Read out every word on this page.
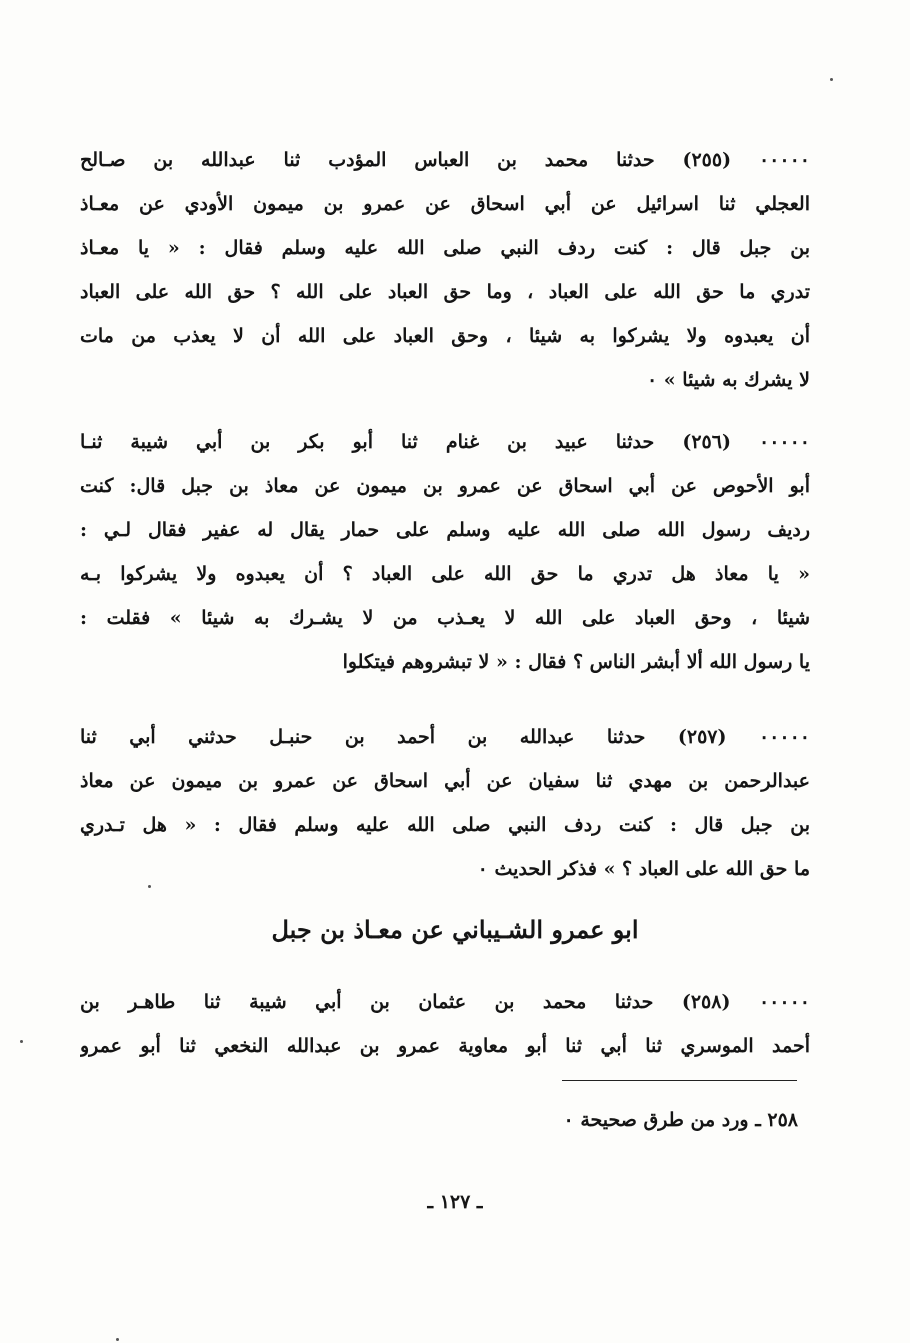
٠٠٠٠٠ (٢٥٥) حدثنا محمد بن العباس المؤدب ثنا عبدالله بن صـالح
العجلي ثنا اسرائيل عن أبي اسحاق عن عمرو بن ميمون الأودي عن معـاذ
بن جبل قال : كنت ردف النبي صلى الله عليه وسلم فقال : « يا معـاذ
تدري ما حق الله على العباد ، وما حق العباد على الله ؟ حق الله على العباد
أن يعبدوه ولا يشركوا به شيئا ، وحق العباد على الله أن لا يعذب من مات
لا يشرك به شيئا » ٠
٠٠٠٠٠ (٢٥٦) حدثنا عبيد بن غنام ثنا أبو بكر بن أبي شيبة ثنـا
أبو الأحوص عن أبي اسحاق عن عمرو بن ميمون عن معاذ بن جبل قال: كنت
رديف رسول الله صلى الله عليه وسلم على حمار يقال له عفير فقال لـي :
« يا معاذ هل تدري ما حق الله على العباد ؟ أن يعبدوه ولا يشركوا بـه
شيئا ، وحق العباد على الله لا يعـذب من لا يشـرك به شيئا » فقلت :
يا رسول الله ألا أبشر الناس ؟ فقال : « لا تبشروهم فيتكلوا
٠٠٠٠٠ (٢٥٧) حدثنا عبدالله بن أحمد بن حنبـل حدثني أبي ثنا
عبدالرحمن بن مهدي ثنا سفيان عن أبي اسحاق عن عمرو بن ميمون عن معاذ
بن جبل قال : كنت ردف النبي صلى الله عليه وسلم فقال : « هل تـدري
ما حق الله على العباد ؟ » فذكر الحديث ٠
ابو عمرو الشـيباني عن معـاذ بن جبل
٠٠٠٠٠ (٢٥٨) حدثنا محمد بن عثمان بن أبي شيبة ثنا طاهـر بن
أحمد الموسري ثنا أبي ثنا أبو معاوية عمرو بن عبدالله النخعي ثنا أبو عمرو
٢٥٨ ـ ورد من طرق صحيحة ٠
ـ ١٢٧ ـ
